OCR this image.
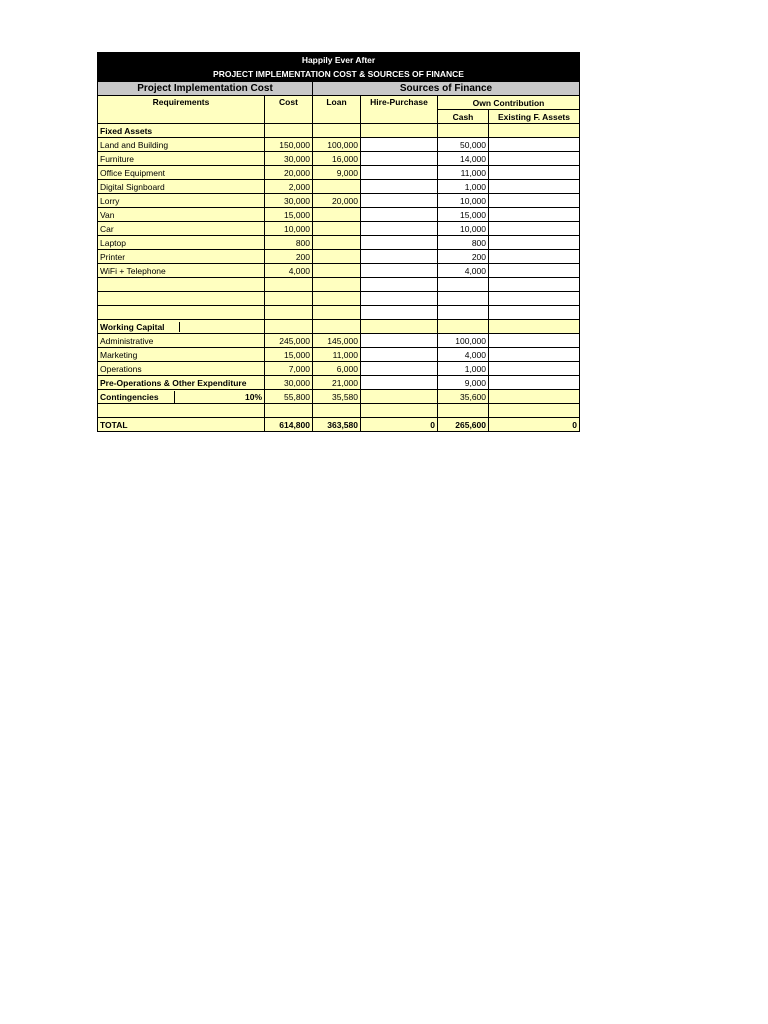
Happily Ever After					
PROJECT IMPLEMENTATION COST & SOURCES OF FINANCE					
Project Implementation Cost		Sources of Finance			
Requirements	Cost	Loan	Hire-Purchase	Own Contribution	
				Cash	Existing F. Assets
Fixed Assets					
Land and Building	150,000	100,000		50,000	
Furniture	30,000	16,000		14,000	
Office Equipment	20,000	9,000		11,000	
Digital Signboard	2,000			1,000	
Lorry	30,000	20,000		10,000	
Van	15,000			15,000	
Car	10,000			10,000	
Laptop	800			800	
Printer	200			200	
WiFi + Telephone	4,000			4,000	

Working Capital					
Administrative	245,000	145,000		100,000	
Marketing	15,000	11,000		4,000	
Operations	7,000	6,000		1,000	
Pre-Operations & Other Expenditure	30,000	21,000		9,000	

Contingencies 10%	55,800	35,580		35,600	

TOTAL	614,800	363,580	0	265,600	0
